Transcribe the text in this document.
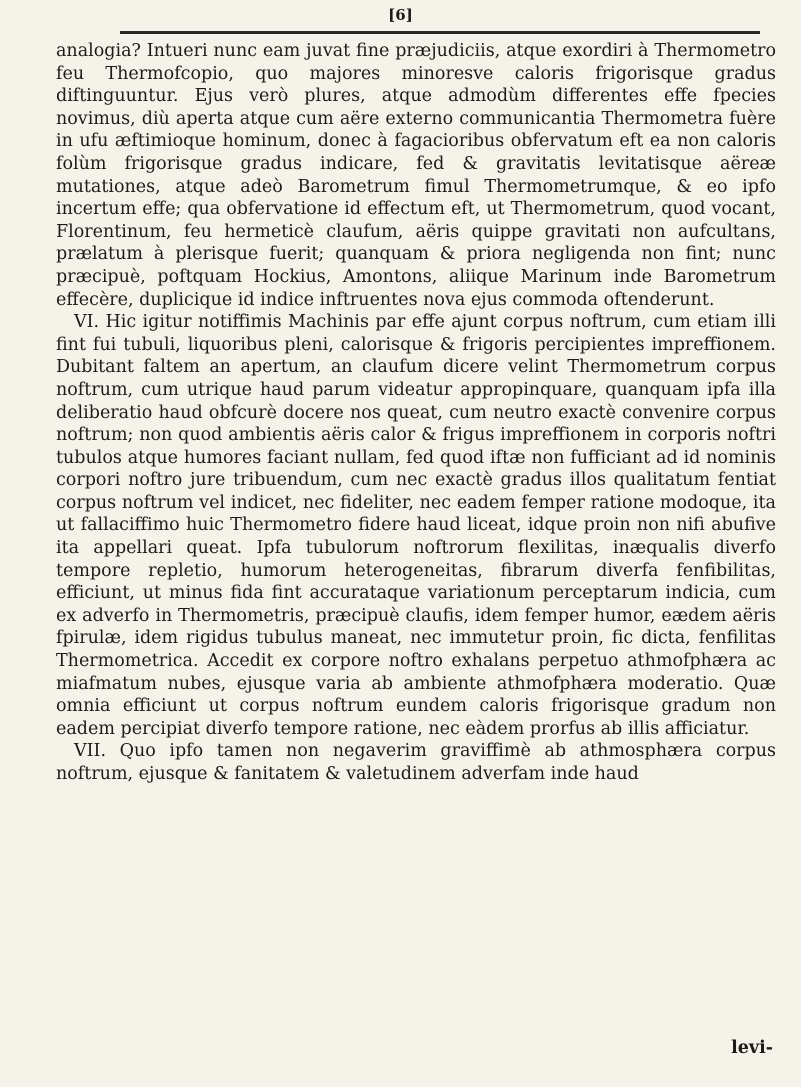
[6]

analogia? Intueri nunc eam juvat fine præjudiciis, atque exordiri à Thermometro feu Thermofcopio, quo majores minoresve caloris frigorisque gradus diftinguuntur. Ejus verò plures, atque admodùm differentes effe fpecies novimus, diù aperta atque cum aëre externo communicantia Thermometra fuère in ufu æftimioque hominum, donec à fagacioribus obfervatum eft ea non caloris folùm frigorisque gradus indicare, fed & gravitatis levitatisque aëreæ mutationes, atque adeò Barometrum fimul Thermometrumque, & eo ipfo incertum effe; qua obfervatione id effectum eft, ut Thermometrum, quod vocant, Florentinum, feu hermeticè claufum, aëris quippe gravitati non aufcultans, prælatum à plerisque fuerit; quanquam & priora negligenda non fint; nunc præcipuè, poftquam Hockius, Amontons, aliique Marinum inde Barometrum effecère, duplicique id indice inftruentes nova ejus commoda oftenderunt.

VI. Hic igitur notiffimis Machinis par effe ajunt corpus noftrum, cum etiam illi fint fui tubuli, liquoribus pleni, calorisque & frigoris percipientes impreffionem. Dubitant faltem an apertum, an claufum dicere velint Thermometrum corpus noftrum, cum utrique haud parum videatur appropinquare, quanquam ipfa illa deliberatio haud obfcurè docere nos queat, cum neutro exactè convenire corpus noftrum; non quod ambientis aëris calor & frigus impreffionem in corporis noftri tubulos atque humores faciant nullam, fed quod iftæ non fufficiant ad id nominis corpori noftro jure tribuendum, cum nec exactè gradus illos qualitatum fentiat corpus noftrum vel indicet, nec fideliter, nec eadem femper ratione modoque, ita ut fallaciffimo huic Thermometro fidere haud liceat, idque proin non nifi abufive ita appellari queat. Ipfa tubulorum noftrorum flexilitas, inæqualis diverfo tempore repletio, humorum heterogeneitas, fibrarum diverfa fenfibilitas, efficiunt, ut minus fida fint accurataque variationum perceptarum indicia, cum ex adverfo in Thermometris, præcipuè claufis, idem femper humor, eædem aëris fpirulæ, idem rigidus tubulus maneat, nec immutetur proin, fic dicta, fenfilitas Thermometrica. Accedit ex corpore noftro exhalans perpetuo athmofphæra ac miafmatum nubes, ejusque varia ab ambiente athmofphæra moderatio. Quæ omnia efficiunt ut corpus noftrum eundem caloris frigorisque gradum non eadem percipiat diverfo tempore ratione, nec eàdem prorfus ab illis afficiatur.

VII. Quo ipfo tamen non negaverim graviffimè ab athmosphæra corpus noftrum, ejusque & fanitatem & valetudinem adverfam inde haud

levi-
